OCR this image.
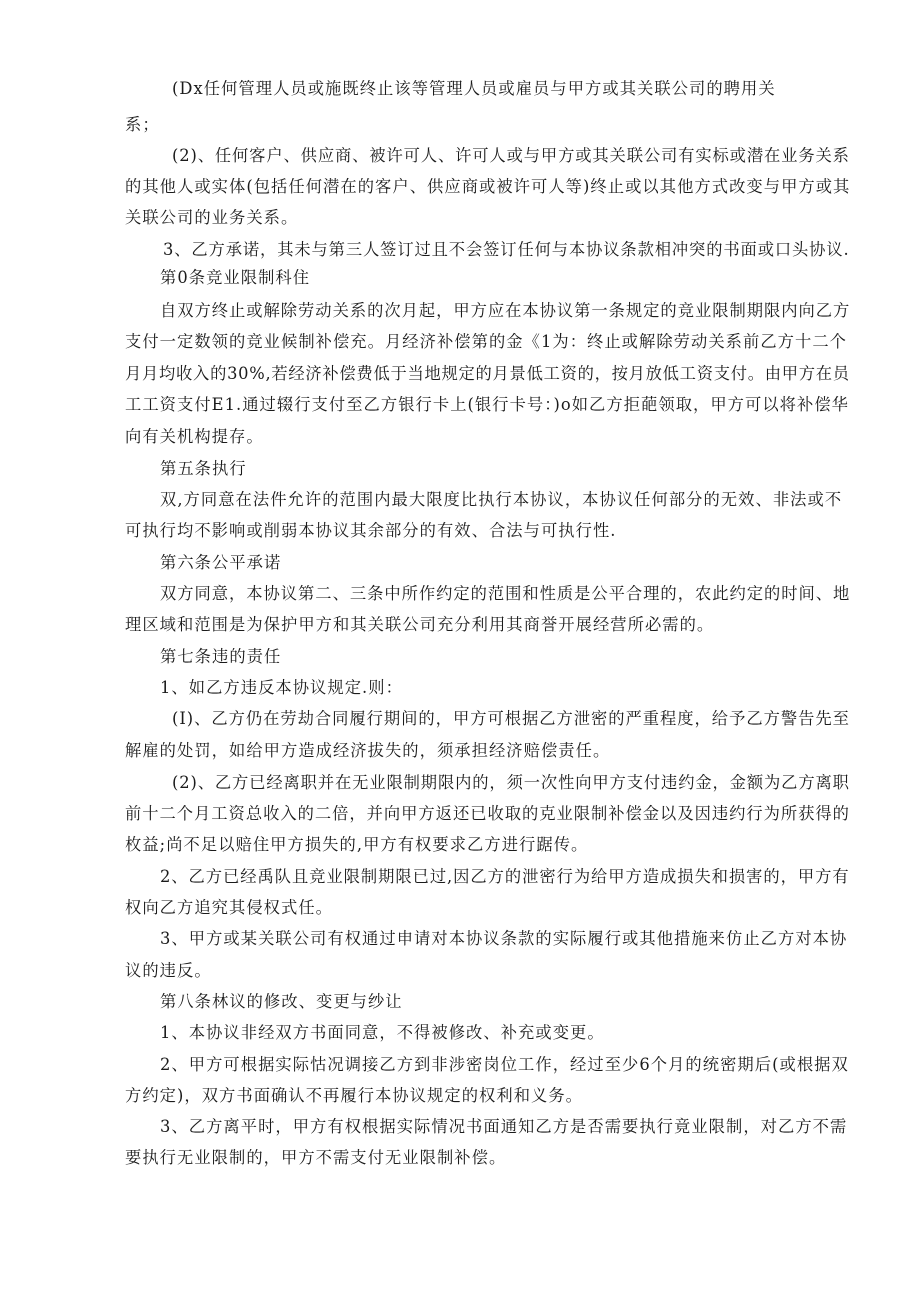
(Dx任何管理人员或施既终止该等管理人员或雇员与甲方或其关联公司的聘用关
系；
(2)、任何客户、供应商、被许可人、许可人或与甲方或其关联公司有实标或潜在业务关系
的其他人或实体(包括任何潜在的客户、供应商或被许可人等)终止或以其他方式改变与甲方或其
关联公司的业务关系。
3、乙方承诺，其未与第三人签订过且不会签订任何与本协议条款相冲突的书面或口头协议.
第0条竞业限制科住
自双方终止或解除劳动关系的次月起，甲方应在本协议第一条规定的竞业限制期限内向乙方
支付一定数领的竞业候制补偿充。月经济补偿第的金《1为：终止或解除劳动关系前乙方十二个
月月均收入的30%,若经济补偿费低于当地规定的月景低工资的，按月放低工资支付。由甲方在员
工工资支付E1.通过辍行支付至乙方银行卡上(银行卡号：)o如乙方拒葩领取，甲方可以将补偿华
向有关机构提存。
第五条执行
双,方同意在法件允许的范围内最大限度比执行本协议，本协议任何部分的无效、非法或不
可执行均不影响或削弱本协议其余部分的有效、合法与可执行性.
第六条公平承诺
双方同意，本协议第二、三条中所作约定的范围和性质是公平合理的，农此约定的时间、地
理区域和范围是为保护甲方和其关联公司充分利用其商誉开展经营所必需的。
第七条违的责任
1、如乙方违反本协议规定.则：
(I)、乙方仍在劳劫合同履行期间的，甲方可根据乙方泄密的严重程度，给予乙方警告先至
解雇的处罚，如给甲方造成经济拔失的，须承担经济赔偿责任。
(2)、乙方已经离职并在无业限制期限内的，须一次性向甲方支付违约金，金额为乙方离职
前十二个月工资总收入的二倍，并向甲方返还已收取的克业限制补偿金以及因违约行为所获得的
枚益;尚不足以赔住甲方损失的,甲方有权要求乙方进行踞传。
2、乙方已经禹队且竞业限制期限已过,因乙方的泄密行为给甲方造成损失和损害的，甲方有
权向乙方追究其侵权式任。
3、甲方或某关联公司有权通过申请对本协议条款的实际履行或其他措施来仿止乙方对本协
议的违反。
第八条林议的修改、变更与纱让
1、本协议非经双方书面同意，不得被修改、补充或变更。
2、甲方可根据实际怙况调接乙方到非涉密岗位工作，经过至少6个月的统密期后(或根据双
方约定)，双方书面确认不再履行本协议规定的权利和义务。
3、乙方离平时，甲方有权根据实际情况书面通知乙方是否需要执行竟业限制，对乙方不需
要执行无业限制的，甲方不需支付无业限制补偿。
